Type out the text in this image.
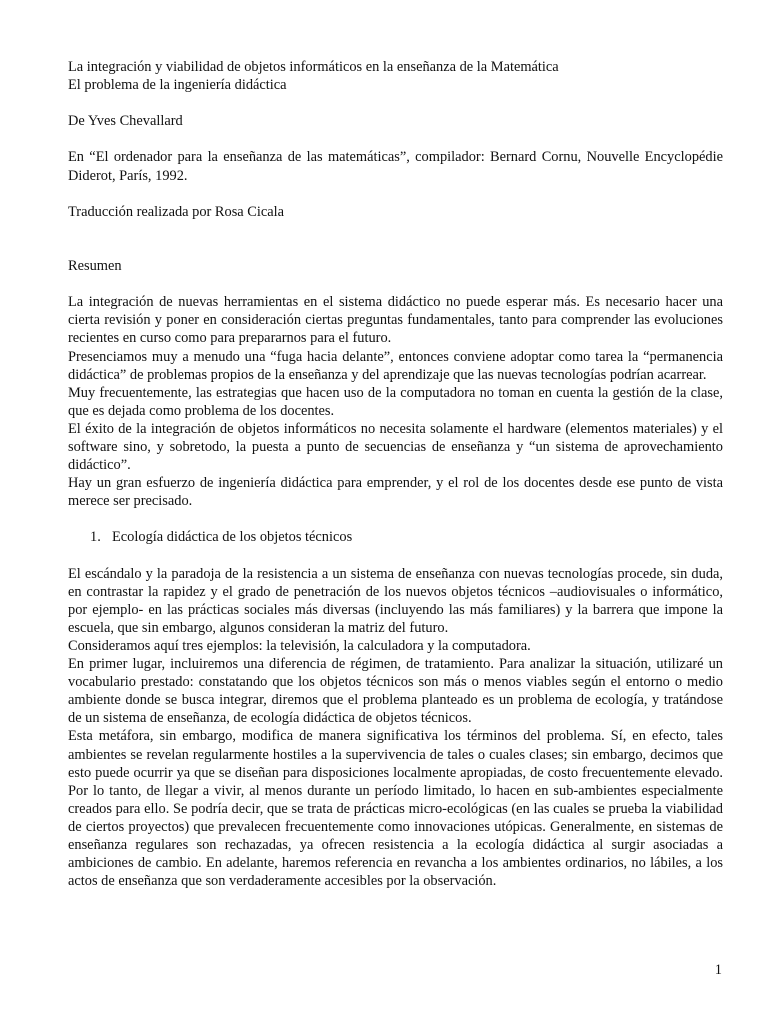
La integración y viabilidad de objetos informáticos en la enseñanza de la Matemática

El problema de la ingeniería didáctica

De Yves Chevallard

En “El ordenador para la enseñanza de las matemáticas”, compilador: Bernard Cornu, Nouvelle Encyclopédie Diderot, París, 1992.

Traducción realizada por Rosa Cicala

Resumen

La integración de nuevas herramientas en el sistema didáctico no puede esperar más. Es necesario hacer una cierta revisión y poner en consideración ciertas preguntas fundamentales, tanto para comprender las evoluciones recientes en curso como para prepararnos para el futuro.

Presenciamos muy a menudo una “fuga hacia delante”, entonces conviene adoptar como tarea la “permanencia didáctica” de problemas propios de la enseñanza y del aprendizaje que las nuevas tecnologías podrían acarrear.

Muy frecuentemente, las estrategias que hacen uso de la computadora no toman en cuenta la gestión de la clase, que es dejada como problema de los docentes.

El éxito de la integración de objetos informáticos no necesita solamente el hardware (elementos materiales) y el software sino, y sobretodo, la puesta a punto de secuencias de enseñanza y “un sistema de aprovechamiento didáctico”.

Hay un gran esfuerzo de ingeniería didáctica para emprender, y el rol de los docentes desde ese punto de vista merece ser precisado.

1. Ecología didáctica de los objetos técnicos

El escándalo y la paradoja de la resistencia a un sistema de enseñanza con nuevas tecnologías procede, sin duda, en contrastar la rapidez y el grado de penetración de los nuevos objetos técnicos –audiovisuales o informático, por ejemplo- en las prácticas sociales más diversas (incluyendo las más familiares) y la barrera que impone la escuela, que sin embargo, algunos consideran la matriz del futuro.

Consideramos aquí tres ejemplos: la televisión, la calculadora y la computadora.

En primer lugar, incluiremos una diferencia de régimen, de tratamiento. Para analizar la situación, utilizaré un vocabulario prestado: constatando que los objetos técnicos son más o menos viables según el entorno o medio ambiente donde se busca integrar, diremos que el problema planteado es un problema de ecología, y tratándose de un sistema de enseñanza, de ecología didáctica de objetos técnicos.

Esta metáfora, sin embargo, modifica de manera significativa los términos del problema. Sí, en efecto, tales ambientes se revelan regularmente hostiles a la supervivencia de tales o cuales clases; sin embargo, decimos que esto puede ocurrir ya que se diseñan para disposiciones localmente apropiadas, de costo frecuentemente elevado. Por lo tanto, de llegar a vivir, al menos durante un período limitado, lo hacen en sub-ambientes especialmente creados para ello. Se podría decir, que se trata de prácticas micro-ecológicas (en las cuales se prueba la viabilidad de ciertos proyectos) que prevalecen frecuentemente como innovaciones utópicas. Generalmente, en sistemas de enseñanza regulares son rechazadas, ya ofrecen resistencia a la ecología didáctica al surgir asociadas a ambiciones de cambio. En adelante, haremos referencia en revancha a los ambientes ordinarios, no lábiles, a los actos de enseñanza que son verdaderamente accesibles por la observación.

1
